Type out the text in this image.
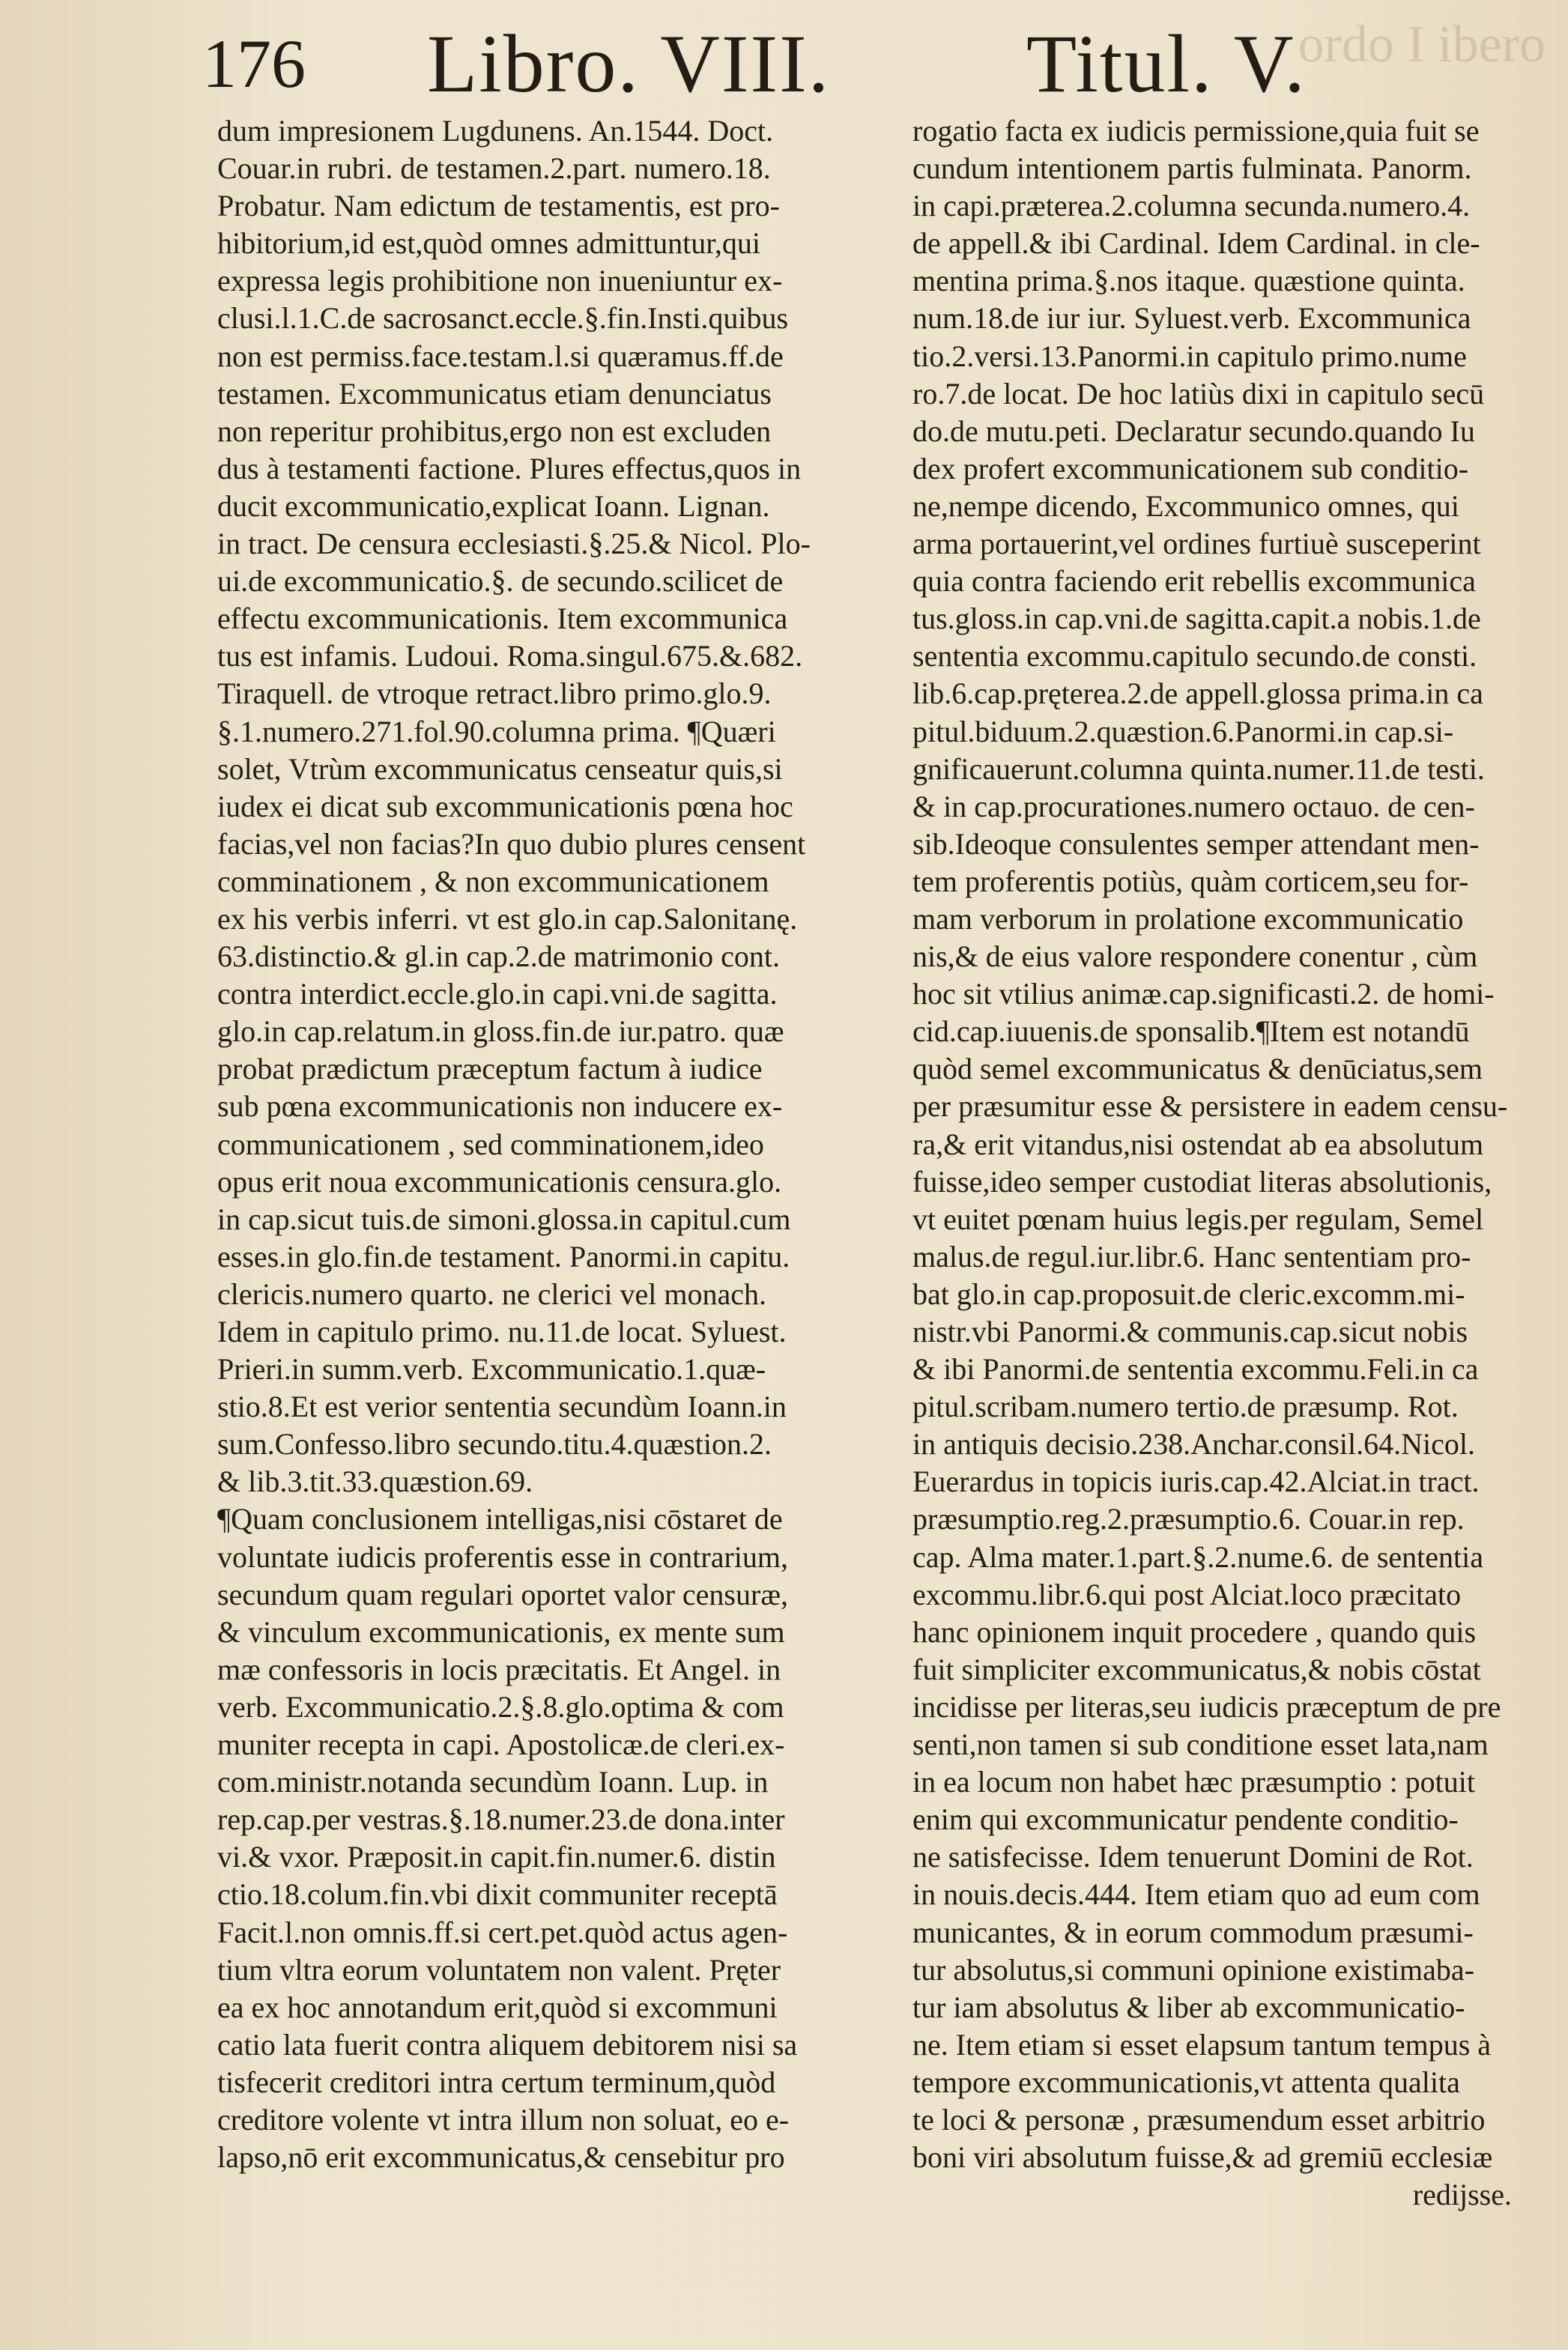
ordo I ibero
176 Libro. VIII. Titul. V.
dum impresionem Lugdunens. An.1544. Doct.
Couar.in rubri. de testamen.2.part. numero.18.
Probatur. Nam edictum de testamentis, est pro-
hibitorium,id est,quòd omnes admittuntur,qui
expressa legis prohibitione non inueniuntur ex-
clusi.l.1.C.de sacrosanct.eccle.§.fin.Insti.quibus
non est permiss.face.testam.l.si quæramus.ff.de
testamen. Excommunicatus etiam denunciatus
non reperitur prohibitus,ergo non est excluden
dus à testamenti factione. Plures effectus,quos in
ducit excommunicatio,explicat Ioann. Lignan.
in tract. De censura ecclesiasti.§.25.& Nicol. Plo-
ui.de excommunicatio.§. de secundo.scilicet de
effectu excommunicationis. Item excommunica
tus est infamis. Ludoui. Roma.singul.675.&.682.
Tiraquell. de vtroque retract.libro primo.glo.9.
§.1.numero.271.fol.90.columna prima. ¶Quæri
solet, Vtrùm excommunicatus censeatur quis,si
iudex ei dicat sub excommunicationis pœna hoc
facias,vel non facias?In quo dubio plures censent
comminationem , & non excommunicationem
ex his verbis inferri. vt est glo.in cap.Salonitanę.
63.distinctio.& gl.in cap.2.de matrimonio cont.
contra interdict.eccle.glo.in capi.vni.de sagitta.
glo.in cap.relatum.in gloss.fin.de iur.patro. quæ
probat prædictum præceptum factum à iudice
sub pœna excommunicationis non inducere ex-
communicationem , sed comminationem,ideo
opus erit noua excommunicationis censura.glo.
in cap.sicut tuis.de simoni.glossa.in capitul.cum
esses.in glo.fin.de testament. Panormi.in capitu.
clericis.numero quarto. ne clerici vel monach.
Idem in capitulo primo. nu.11.de locat. Syluest.
Prieri.in summ.verb. Excommunicatio.1.quæ-
stio.8.Et est verior sententia secundùm Ioann.in
sum.Confesso.libro secundo.titu.4.quæstion.2.
& lib.3.tit.33.quæstion.69.
¶Quam conclusionem intelligas,nisi cōstaret de
voluntate iudicis proferentis esse in contrarium,
secundum quam regulari oportet valor censuræ,
& vinculum excommunicationis, ex mente sum
mæ confessoris in locis præcitatis. Et Angel. in
verb. Excommunicatio.2.§.8.glo.optima & com
muniter recepta in capi. Apostolicæ.de cleri.ex-
com.ministr.notanda secundùm Ioann. Lup. in
rep.cap.per vestras.§.18.numer.23.de dona.inter
vi.& vxor. Præposit.in capit.fin.numer.6. distin
ctio.18.colum.fin.vbi dixit communiter receptā
Facit.l.non omnis.ff.si cert.pet.quòd actus agen-
tium vltra eorum voluntatem non valent. Pręter
ea ex hoc annotandum erit,quòd si excommuni
catio lata fuerit contra aliquem debitorem nisi sa
tisfecerit creditori intra certum terminum,quòd
creditore volente vt intra illum non soluat, eo e-
lapso,nō erit excommunicatus,& censebitur pro
rogatio facta ex iudicis permissione,quia fuit se
cundum intentionem partis fulminata. Panorm.
in capi.præterea.2.columna secunda.numero.4.
de appell.& ibi Cardinal. Idem Cardinal. in cle-
mentina prima.§.nos itaque. quæstione quinta.
num.18.de iur iur. Syluest.verb. Excommunica
tio.2.versi.13.Panormi.in capitulo primo.nume
ro.7.de locat. De hoc latiùs dixi in capitulo secū
do.de mutu.peti. Declaratur secundo.quando Iu
dex profert excommunicationem sub conditio-
ne,nempe dicendo, Excommunico omnes, qui
arma portauerint,vel ordines furtiuè susceperint
quia contra faciendo erit rebellis excommunica
tus.gloss.in cap.vni.de sagitta.capit.a nobis.1.de
sententia excommu.capitulo secundo.de consti.
lib.6.cap.pręterea.2.de appell.glossa prima.in ca
pitul.biduum.2.quæstion.6.Panormi.in cap.si-
gnificauerunt.columna quinta.numer.11.de testi.
& in cap.procurationes.numero octauo. de cen-
sib.Ideoque consulentes semper attendant men-
tem proferentis potiùs, quàm corticem,seu for-
mam verborum in prolatione excommunicatio
nis,& de eius valore respondere conentur , cùm
hoc sit vtilius animæ.cap.significasti.2. de homi-
cid.cap.iuuenis.de sponsalib.¶Item est notandū
quòd semel excommunicatus & denūciatus,sem
per præsumitur esse & persistere in eadem censu-
ra,& erit vitandus,nisi ostendat ab ea absolutum
fuisse,ideo semper custodiat literas absolutionis,
vt euitet pœnam huius legis.per regulam, Semel
malus.de regul.iur.libr.6. Hanc sententiam pro-
bat glo.in cap.proposuit.de cleric.excomm.mi-
nistr.vbi Panormi.& communis.cap.sicut nobis
& ibi Panormi.de sententia excommu.Feli.in ca
pitul.scribam.numero tertio.de præsump. Rot.
in antiquis decisio.238.Anchar.consil.64.Nicol.
Euerardus in topicis iuris.cap.42.Alciat.in tract.
præsumptio.reg.2.præsumptio.6. Couar.in rep.
cap. Alma mater.1.part.§.2.nume.6. de sententia
excommu.libr.6.qui post Alciat.loco præcitato
hanc opinionem inquit procedere , quando quis
fuit simpliciter excommunicatus,& nobis cōstat
incidisse per literas,seu iudicis præceptum de pre
senti,non tamen si sub conditione esset lata,nam
in ea locum non habet hæc præsumptio : potuit
enim qui excommunicatur pendente conditio-
ne satisfecisse. Idem tenuerunt Domini de Rot.
in nouis.decis.444. Item etiam quo ad eum com
municantes, & in eorum commodum præsumi-
tur absolutus,si communi opinione existimaba-
tur iam absolutus & liber ab excommunicatio-
ne. Item etiam si esset elapsum tantum tempus à
tempore excommunicationis,vt attenta qualita
te loci & personæ , præsumendum esset arbitrio
boni viri absolutum fuisse,& ad gremiū ecclesiæ
redijsse.
